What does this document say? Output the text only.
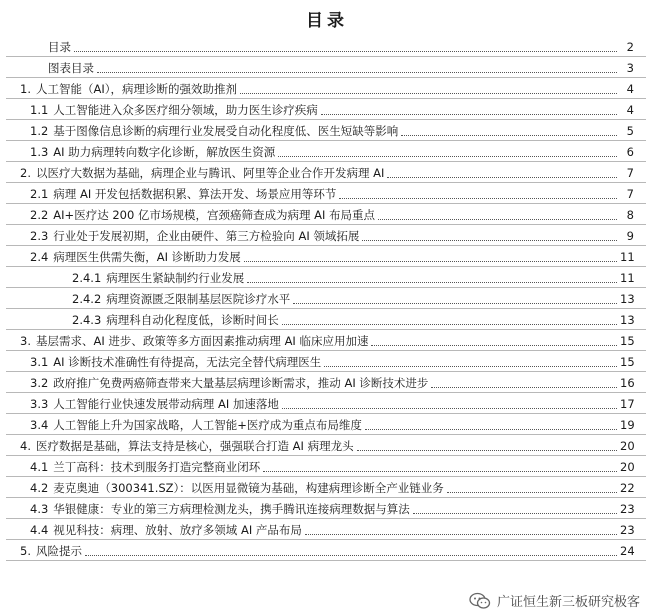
目录
目录	2
图表目录	3
1. 人工智能（AI），病理诊断的强效助推剂	4
1.1 人工智能进入众多医疗细分领域，助力医生诊疗疾病	4
1.2 基于图像信息诊断的病理行业发展受自动化程度低、医生短缺等影响	5
1.3 AI 助力病理转向数字化诊断，解放医生资源	6
2. 以医疗大数据为基础，病理企业与腾讯、阿里等企业合作开发病理 AI	7
2.1 病理 AI 开发包括数据积累、算法开发、场景应用等环节	7
2.2 AI+医疗达 200 亿市场规模，宫颈癌筛查成为病理 AI 布局重点	8
2.3 行业处于发展初期，企业由硬件、第三方检验向 AI 领域拓展	9
2.4 病理医生供需失衡，AI 诊断助力发展	11
2.4.1 病理医生紧缺制约行业发展	11
2.4.2 病理资源匮乏限制基层医院诊疗水平	13
2.4.3 病理科自动化程度低，诊断时间长	13
3. 基层需求、AI 进步、政策等多方面因素推动病理 AI 临床应用加速	15
3.1 AI 诊断技术准确性有待提高，无法完全替代病理医生	15
3.2 政府推广免费两癌筛查带来大量基层病理诊断需求，推动 AI 诊断技术进步	16
3.3 人工智能行业快速发展带动病理 AI 加速落地	17
3.4 人工智能上升为国家战略，人工智能+医疗成为重点布局维度	19
4. 医疗数据是基础，算法支持是核心，强强联合打造 AI 病理龙头	20
4.1 兰丁高科：技术到服务打造完整商业闭环	20
4.2 麦克奥迪（300341.SZ）：以医用显微镜为基础，构建病理诊断全产业链业务	22
4.3 华银健康：专业的第三方病理检测龙头，携手腾讯连接病理数据与算法	23
4.4 视见科技：病理、放射、放疗多领域 AI 产品布局	23
5. 风险提示	24
广证恒生新三板研究极客
